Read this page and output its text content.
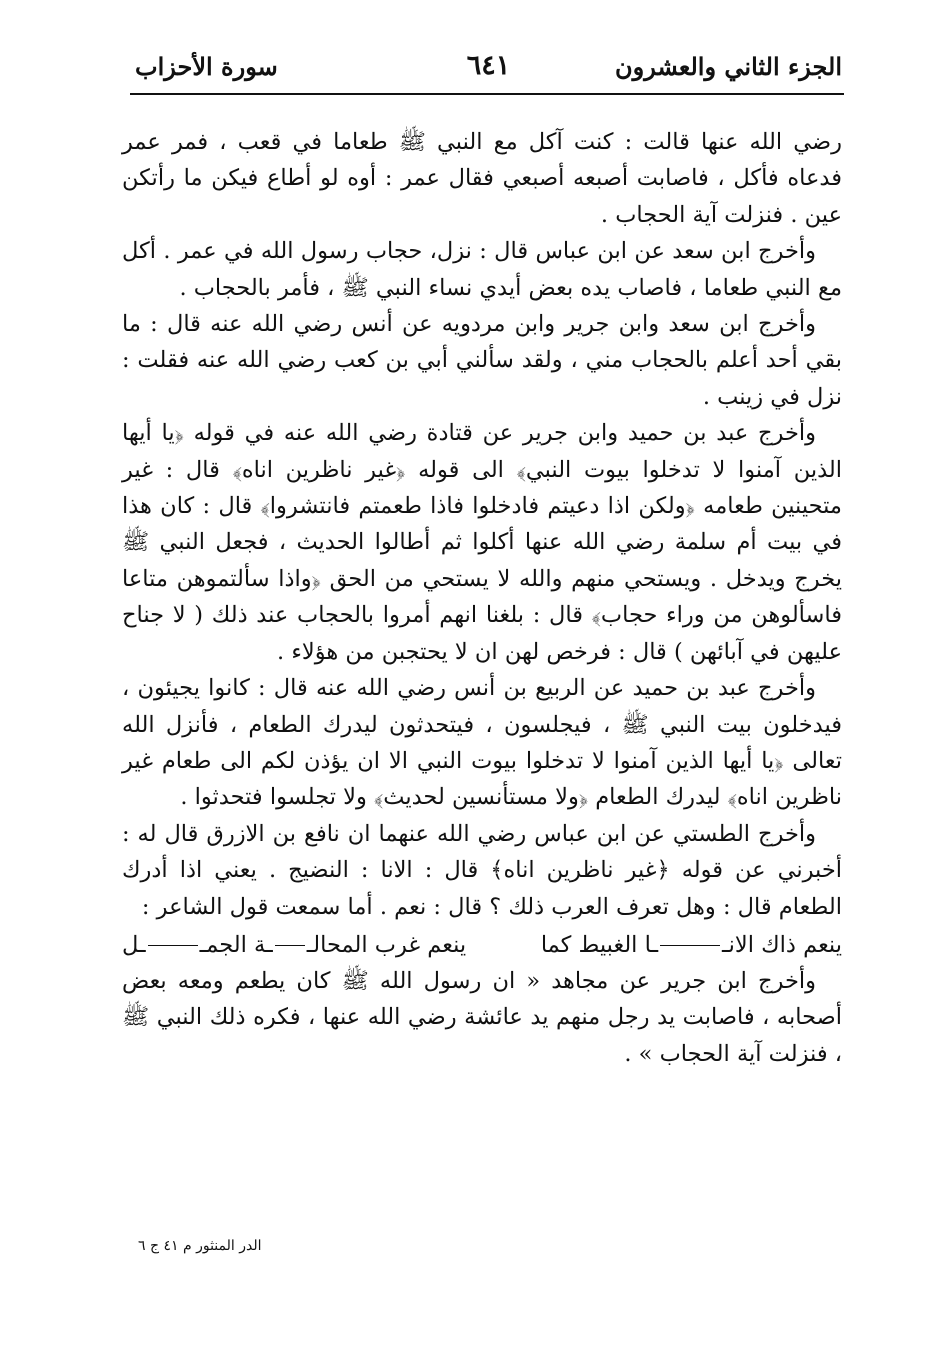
الجزء الثاني والعشرون
٦٤١
سورة الأحزاب

رضي الله عنها قالت : كنت آكل مع النبي ﷺ طعاما في قعب ، فمر عمر فدعاه فأكل ، فاصابت أصبعه أصبعي فقال عمر : أوه لو أطاع فيكن ما رأتكن عين . فنزلت آية الحجاب .

وأخرج ابن سعد عن ابن عباس قال : نزل، حجاب رسول الله في عمر . أكل مع النبي طعاما ، فاصاب يده بعض أيدي نساء النبي ﷺ ، فأمر بالحجاب .

وأخرج ابن سعد وابن جرير وابن مردويه عن أنس رضي الله عنه قال : ما بقي أحد أعلم بالحجاب مني ، ولقد سألني أبي بن كعب رضي الله عنه فقلت : نزل في زينب .

وأخرج عبد بن حميد وابن جرير عن قتادة رضي الله عنه في قوله ﴿يا أيها الذين آمنوا لا تدخلوا بيوت النبي﴾ الى قوله ﴿غير ناظرين اناه﴾ قال : غير متحينين طعامه ﴿ولكن اذا دعيتم فادخلوا فاذا طعمتم فانتشروا﴾ قال : كان هذا في بيت أم سلمة رضي الله عنها أكلوا ثم أطالوا الحديث ، فجعل النبي ﷺ يخرج ويدخل . ويستحي منهم والله لا يستحي من الحق ﴿واذا سألتموهن متاعا فاسألوهن من وراء حجاب﴾ قال : بلغنا انهم أمروا بالحجاب عند ذلك ( لا جناح عليهن في آبائهن ) قال : فرخص لهن ان لا يحتجبن من هؤلاء .

وأخرج عبد بن حميد عن الربيع بن أنس رضي الله عنه قال : كانوا يجيئون ، فيدخلون بيت النبي ﷺ ، فيجلسون ، فيتحدثون ليدرك الطعام ، فأنزل الله تعالى ﴿يا أيها الذين آمنوا لا تدخلوا بيوت النبي الا ان يؤذن لكم الى طعام غير ناظرين اناه﴾ ليدرك الطعام ﴿ولا مستأنسين لحديث﴾ ولا تجلسوا فتحدثوا .

وأخرج الطستي عن ابن عباس رضي الله عنهما ان نافع بن الازرق قال له : أخبرني عن قوله ﴿غير ناظرين اناه﴾ قال : الانا : النضيج . يعني اذا أدرك الطعام قال : وهل تعرف العرب ذلك ؟ قال : نعم . أما سمعت قول الشاعر :

ينعم ذاك الانــا الغبيط كما
ينعم غرب المحالــة الجمــل

وأخرج ابن جرير عن مجاهد « ان رسول الله ﷺ كان يطعم ومعه بعض أصحابه ، فاصابت يد رجل منهم يد عائشة رضي الله عنها ، فكره ذلك النبي ﷺ ، فنزلت آية الحجاب » .

الدر المنثور م ٤١ ج ٦
